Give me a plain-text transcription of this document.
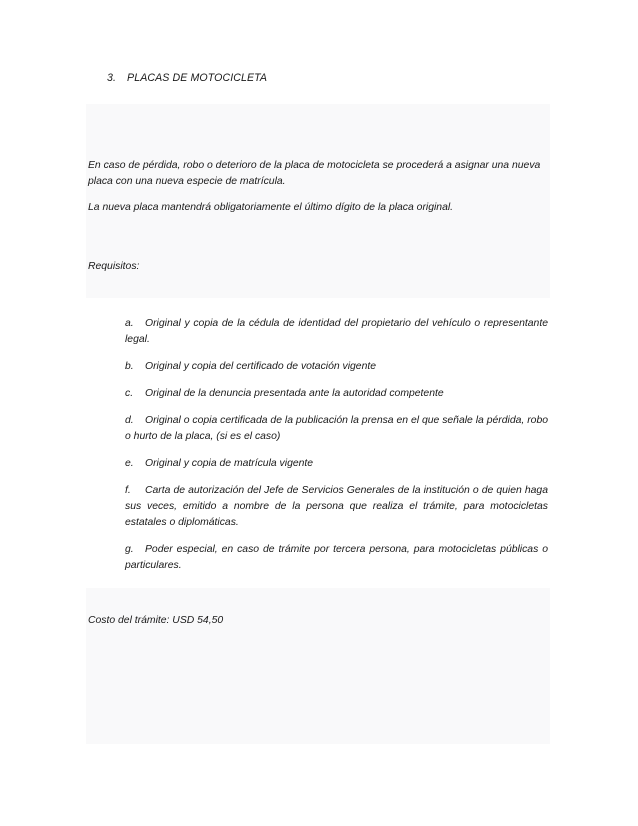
3. PLACAS DE MOTOCICLETA

En caso de pérdida, robo o deterioro de la placa de motocicleta se procederá a asignar una nueva placa con una nueva especie de matrícula.

La nueva placa mantendrá obligatoriamente el último dígito de la placa original.

Requisitos:

a. Original y copia de la cédula de identidad del propietario del vehículo o representante legal.
b. Original y copia del certificado de votación vigente
c. Original de la denuncia presentada ante la autoridad competente
d. Original o copia certificada de la publicación la prensa en el que señale la pérdida, robo o hurto de la placa, (si es el caso)
e. Original y copia de matrícula vigente
f. Carta de autorización del Jefe de Servicios Generales de la institución o de quien haga sus veces, emitido a nombre de la persona que realiza el trámite, para motocicletas estatales o diplomáticas.
g. Poder especial, en caso de trámite por tercera persona, para motocicletas públicas o particulares.

Costo del trámite: USD 54,50
